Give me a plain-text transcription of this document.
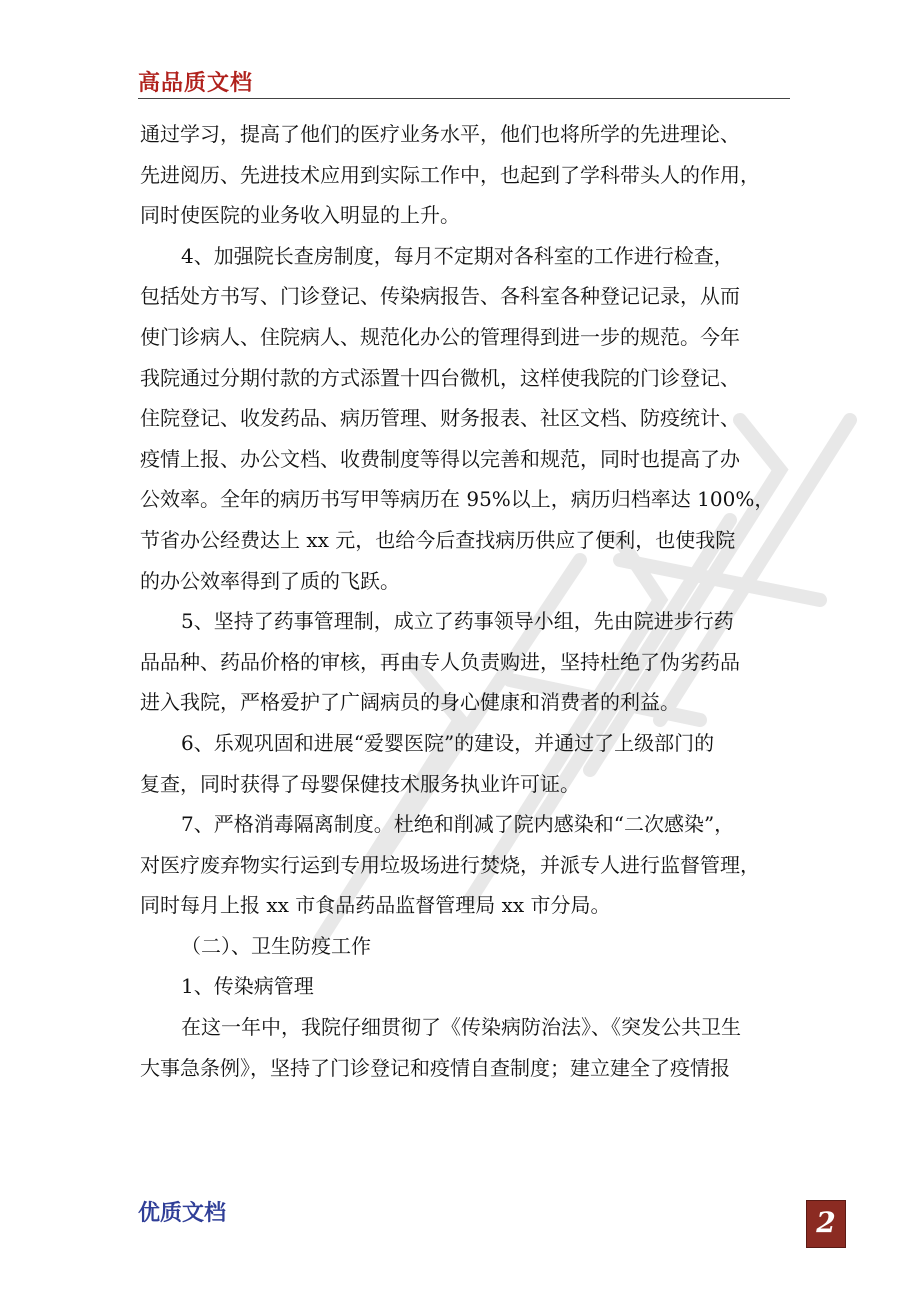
高品质文档
通过学习，提高了他们的医疗业务水平，他们也将所学的先进理论、
先进阅历、先进技术应用到实际工作中，也起到了学科带头人的作用，
同时使医院的业务收入明显的上升。
4、加强院长查房制度，每月不定期对各科室的工作进行检查，
包括处方书写、门诊登记、传染病报告、各科室各种登记记录，从而
使门诊病人、住院病人、规范化办公的管理得到进一步的规范。今年
我院通过分期付款的方式添置十四台微机，这样使我院的门诊登记、
住院登记、收发药品、病历管理、财务报表、社区文档、防疫统计、
疫情上报、办公文档、收费制度等得以完善和规范，同时也提高了办
公效率。全年的病历书写甲等病历在 95%以上，病历归档率达 100%，
节省办公经费达上 xx 元，也给今后查找病历供应了便利，也使我院
的办公效率得到了质的飞跃。
5、坚持了药事管理制，成立了药事领导小组，先由院进步行药
品品种、药品价格的审核，再由专人负责购进，坚持杜绝了伪劣药品
进入我院，严格爱护了广阔病员的身心健康和消费者的利益。
6、乐观巩固和进展“爱婴医院”的建设，并通过了上级部门的
复查，同时获得了母婴保健技术服务执业许可证。
7、严格消毒隔离制度。杜绝和削减了院内感染和“二次感染”，
对医疗废弃物实行运到专用垃圾场进行焚烧，并派专人进行监督管理，
同时每月上报 xx 市食品药品监督管理局 xx 市分局。
（二）、卫生防疫工作
1、传染病管理
在这一年中，我院仔细贯彻了《传染病防治法》、《突发公共卫生
大事急条例》，坚持了门诊登记和疫情自查制度；建立建全了疫情报
优质文档	2
